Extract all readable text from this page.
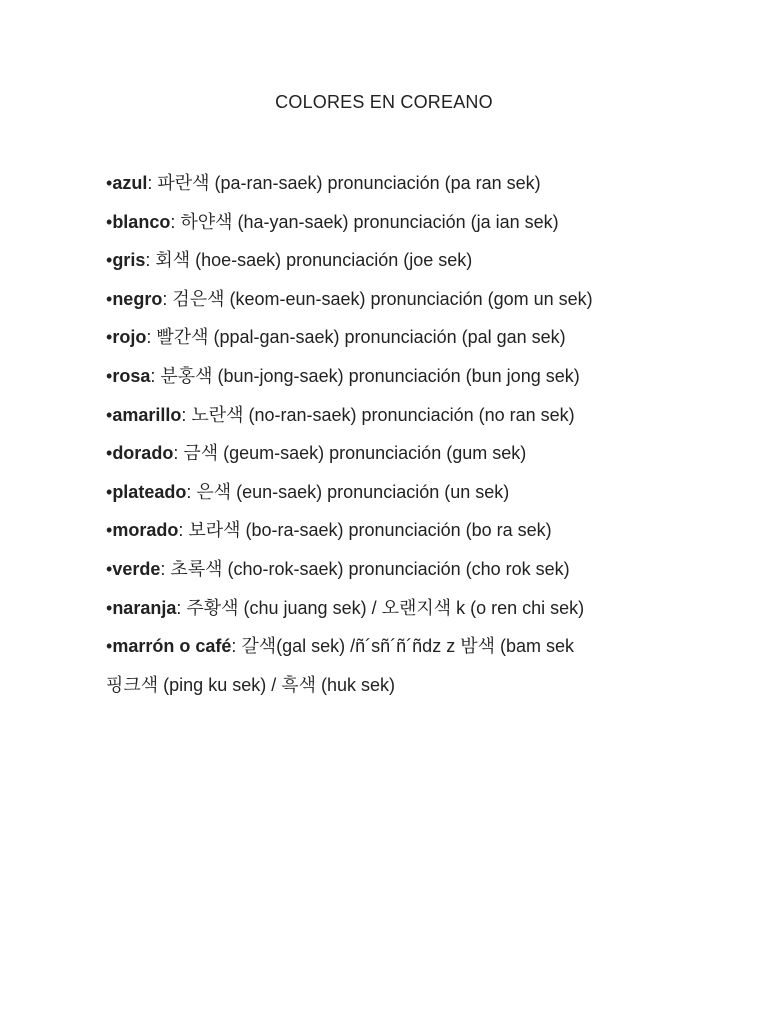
COLORES EN COREANO
•azul: 파란색 (pa-ran-saek) pronunciación (pa ran sek)
•blanco: 하얀색 (ha-yan-saek) pronunciación (ja ian sek)
•gris: 회색 (hoe-saek) pronunciación (joe sek)
•negro: 검은색 (keom-eun-saek) pronunciación (gom un sek)
•rojo: 빨간색 (ppal-gan-saek) pronunciación (pal gan sek)
•rosa: 분홍색 (bun-jong-saek) pronunciación (bun jong sek)
•amarillo: 노란색 (no-ran-saek) pronunciación (no ran sek)
•dorado: 금색 (geum-saek) pronunciación (gum sek)
•plateado: 은색 (eun-saek) pronunciación (un sek)
•morado: 보라색 (bo-ra-saek) pronunciación (bo ra sek)
•verde: 초록색 (cho-rok-saek) pronunciación (cho rok sek)
•naranja: 주황색 (chu juang sek) / 오랜지색 k (o ren chi sek)
•marrón o café: 갈색(gal sek) /ñ´sñ´ñ´ñdz z 밤색 (bam sek
핑크색 (ping ku sek) / 흑색 (huk sek)
